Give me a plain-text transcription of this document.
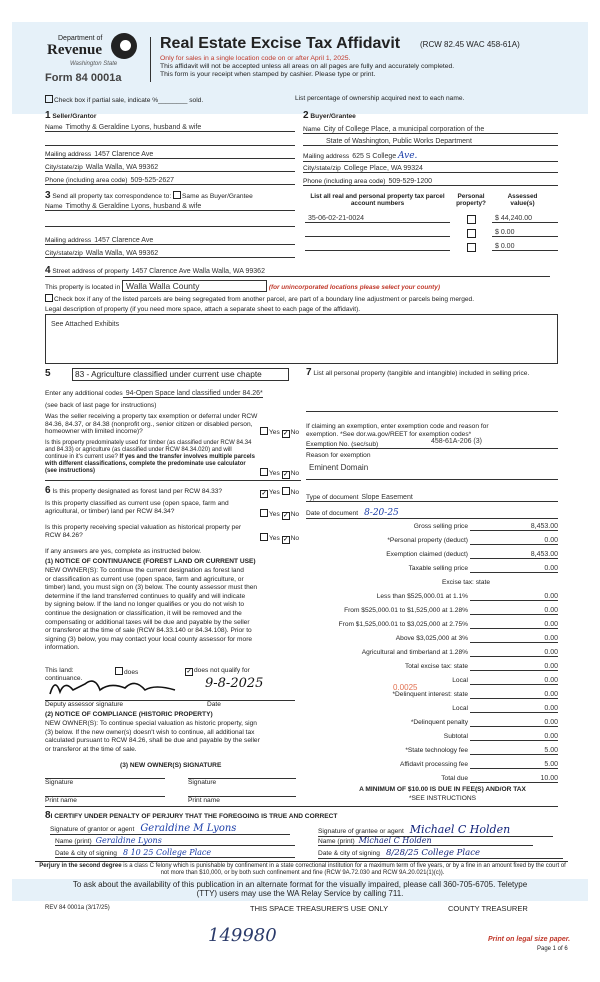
Department of
Revenue
Washington State
Form 84 0001a
Real Estate Excise Tax Affidavit (RCW 82.45 WAC 458-61A)
Only for sales in a single location code on or after April 1, 2025.
This affidavit will not be accepted unless all areas on all pages are fully and accurately completed.
This form is your receipt when stamped by cashier. Please type or print.
Check box if partial sale, indicate %________ sold.	List percentage of ownership acquired next to each name.
1 Seller/Grantor
Name Timothy & Geraldine Lyons, husband & wife
Mailing address 1457 Clarence Ave
City/state/zip Walla Walla, WA 99362
Phone (including area code) 509-525-2627
2 Buyer/Grantee
Name City of College Place, a municipal corporation of the
State of Washington, Public Works Department
Mailing address 625 S College Ave.
City/state/zip College Place, WA 99324
Phone (including area code) 509-529-1200
3 Send all property tax correspondence to: Same as Buyer/Grantee
Name Timothy & Geraldine Lyons, husband & wife
Mailing address 1457 Clarence Ave
City/state/zip Walla Walla, WA 99362
List all real and personal property tax parcel account numbers
Personal property?
Assessed value(s)
35-06-02-21-0024	$ 44,240.00

$ 0.00

$ 0.00
4 Street address of property 1457 Clarence Ave Walla Walla, WA 99362
This property is located in Walla Walla County	(for unincorporated locations please select your county)
Check box if any of the listed parcels are being segregated from another parcel, are part of a boundary line adjustment or parcels being merged.
Legal description of property (if you need more space, attach a separate sheet to each page of the affidavit).
See Attached Exhibits
5	83 - Agriculture classified under current use chapte
Enter any additional codes 94-Open Space land classified under 84.26*
(see back of last page for instructions)
Was the seller receiving a property tax exemption or deferral under RCW 84.36, 84.37, or 84.38 (nonprofit org., senior citizen or disabled person, homeowner with limited income)?	Yes ✓ No
Is this property predominately used for timber (as classified under RCW 84.34 and 84.33) or agriculture (as classified under RCW 84.34.020) and will continue in it's current use? If yes and the transfer involves multiple parcels with different classifications, complete the predominate use calculator (see instructions)	Yes ✓ No
6 Is this property designated as forest land per RCW 84.33?	✓ Yes No
Is this property classified as current use (open space, farm and agricultural, or timber) land per RCW 84.34?	Yes ✓ No
Is this property receiving special valuation as historical property per RCW 84.26?	Yes ✓ No
If any answers are yes, complete as instructed below.
(1) NOTICE OF CONTINUANCE (FOREST LAND OR CURRENT USE)
NEW OWNER(S): To continue the current designation as forest land
or classification as current use (open space, farm and agriculture, or
timber) land, you must sign on (3) below. The county assessor must then
determine if the land transferred continues to qualify and will indicate
by signing below. If the land no longer qualifies or you do not wish to
continue the designation or classification, it will be removed and the
compensating or additional taxes will be due and payable by the seller
or transferor at the time of sale (RCW 84.33.140 or 84.34.108). Prior to
signing (3) below, you may contact your local county assessor for more
information.
This land:	does	✓ does not qualify for
continuance.	9-8-2025
Deputy assessor signature	Date
(2) NOTICE OF COMPLIANCE (HISTORIC PROPERTY)
NEW OWNER(S): To continue special valuation as historic property, sign
(3) below. If the new owner(s) doesn't wish to continue, all additional tax
calculated pursuant to RCW 84.26, shall be due and payable by the seller
or transferor at the time of sale.
(3) NEW OWNER(S) SIGNATURE
Signature	Signature
Print name	Print name
7 List all personal property (tangible and intangible) included in selling price.
If claiming an exemption, enter exemption code and reason for exemption. *See dor.wa.gov/REET for exemption codes*
Exemption No. (sec/sub)	458-61A-206 (3)

Reason for exemption
Eminent Domain
Type of document Slope Easement
Date of document 8-20-25
Gross selling price	8,453.00
*Personal property (deduct)	0.00
Exemption claimed (deduct)	8,453.00
Taxable selling price	0.00
Excise tax: state
Less than $525,000.01 at 1.1%	0.00
From $525,000.01 to $1,525,000 at 1.28%	0.00
From $1,525,000.01 to $3,025,000 at 2.75%	0.00
Above $3,025,000 at 3%	0.00
Agricultural and timberland at 1.28%	0.00
Total excise tax: state	0.00
Local	0.00
*Delinquent interest: state	0.00
Local	0.00
*Delinquent penalty	0.00
Subtotal	0.00
*State technology fee	5.00
Affidavit processing fee	5.00
Total due	10.00
0.0025
A MINIMUM OF $10.00 IS DUE IN FEE(S) AND/OR TAX
*SEE INSTRUCTIONS
8I CERTIFY UNDER PENALTY OF PERJURY THAT THE FOREGOING IS TRUE AND CORRECT
Signature of grantor or agent Geraldine M Lyons
Name (print) Geraldine Lyons
Date & city of signing 8 10 25 College Place
Signature of grantee or agent Michael C Holden
Name (print) Michael C Holden
Date & city of signing 8/28/25 College Place
Perjury in the second degree is a class C felony which is punishable by confinement in a state correctional institution for a maximum term of five years, or by a fine in an amount fixed by the court of not more than $10,000, or by both such confinement and fine (RCW 9A.72.030 and RCW 9A.20.021(1)(c)).
To ask about the availability of this publication in an alternate format for the visually impaired, please call 360-705-6705. Teletype
(TTY) users may use the WA Relay Service by calling 711.
REV 84 0001a (3/17/25)	THIS SPACE TREASURER'S USE ONLY	COUNTY TREASURER
149980	Print on legal size paper.
Page 1 of 6
